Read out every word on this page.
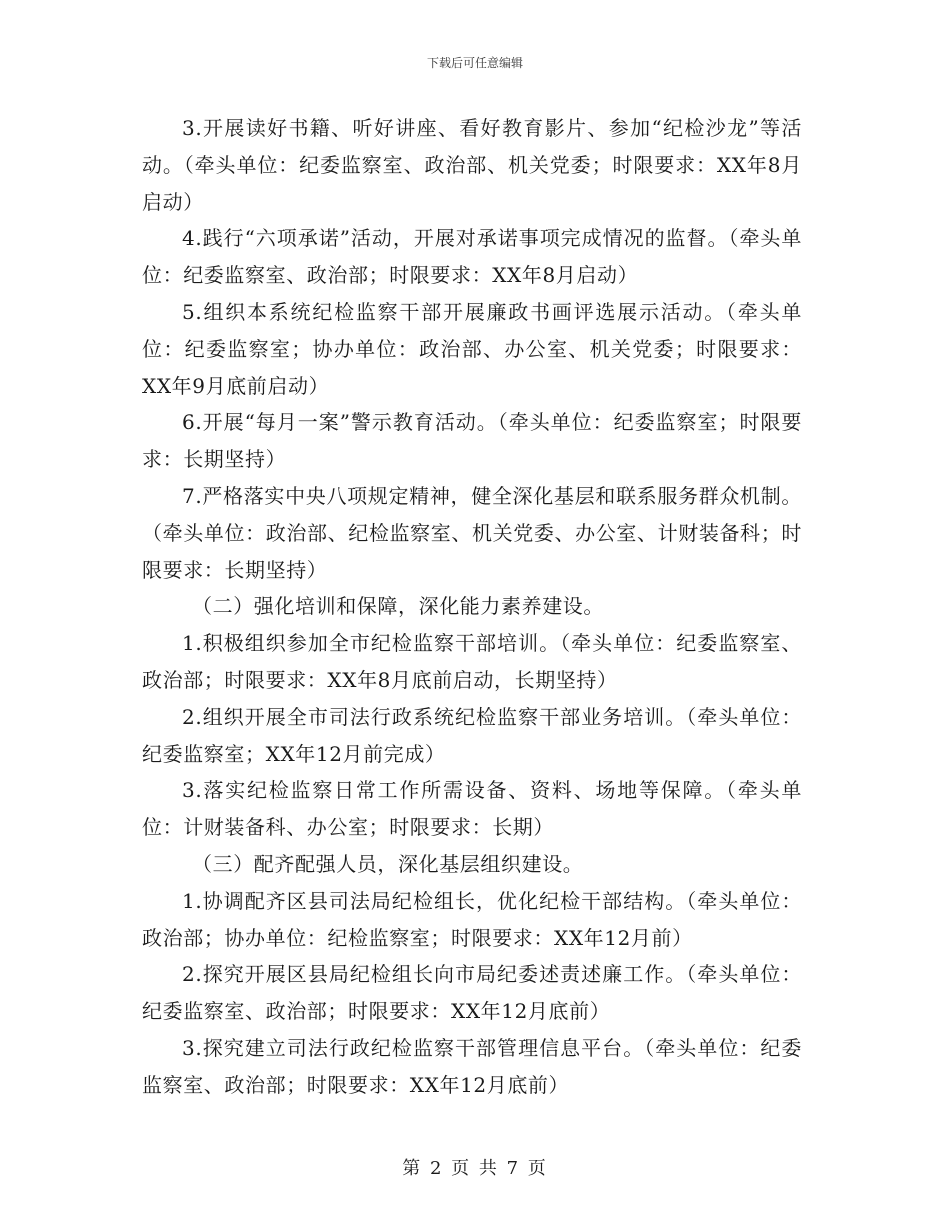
下载后可任意编辑

3.开展读好书籍、听好讲座、看好教育影片、参加“纪检沙龙”等活动。（牵头单位：纪委监察室、政治部、机关党委；时限要求：XX年8月启动）

4.践行“六项承诺”活动，开展对承诺事项完成情况的监督。（牵头单位：纪委监察室、政治部；时限要求：XX年8月启动）

5.组织本系统纪检监察干部开展廉政书画评选展示活动。（牵头单位：纪委监察室；协办单位：政治部、办公室、机关党委；时限要求：XX年9月底前启动）

6.开展“每月一案”警示教育活动。（牵头单位：纪委监察室；时限要求：长期坚持）

7.严格落实中央八项规定精神，健全深化基层和联系服务群众机制。（牵头单位：政治部、纪检监察室、机关党委、办公室、计财装备科；时限要求：长期坚持）

（二）强化培训和保障，深化能力素养建设。

1.积极组织参加全市纪检监察干部培训。（牵头单位：纪委监察室、政治部；时限要求：XX年8月底前启动，长期坚持）

2.组织开展全市司法行政系统纪检监察干部业务培训。（牵头单位：纪委监察室；XX年12月前完成）

3.落实纪检监察日常工作所需设备、资料、场地等保障。（牵头单位：计财装备科、办公室；时限要求：长期）

（三）配齐配强人员，深化基层组织建设。

1.协调配齐区县司法局纪检组长，优化纪检干部结构。（牵头单位：政治部；协办单位：纪检监察室；时限要求：XX年12月前）

2.探究开展区县局纪检组长向市局纪委述责述廉工作。（牵头单位：纪委监察室、政治部；时限要求：XX年12月底前）

3.探究建立司法行政纪检监察干部管理信息平台。（牵头单位：纪委监察室、政治部；时限要求：XX年12月底前）

第 2 页 共 7 页
